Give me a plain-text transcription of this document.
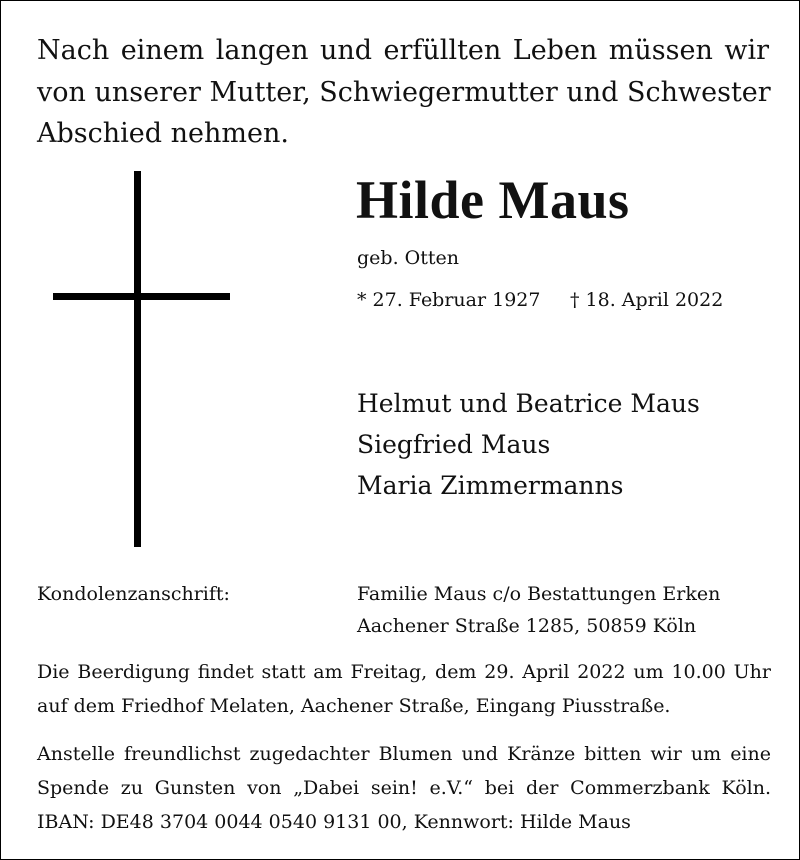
Nach einem langen und erfüllten Leben müssen wir
von unserer Mutter, Schwiegermutter und Schwester
Abschied nehmen.
Hilde Maus
geb. Otten
* 27. Februar 1927 † 18. April 2022
Helmut und Beatrice Maus
Siegfried Maus
Maria Zimmermanns
Kondolenzanschrift:	Familie Maus c/o Bestattungen Erken
Aachener Straße 1285, 50859 Köln
Die Beerdigung findet statt am Freitag, dem 29. April 2022 um 10.00 Uhr
auf dem Friedhof Melaten, Aachener Straße, Eingang Piusstraße.
Anstelle freundlichst zugedachter Blumen und Kränze bitten wir um eine
Spende zu Gunsten von „Dabei sein! e.V.“ bei der Commerzbank Köln.
IBAN: DE48 3704 0044 0540 9131 00, Kennwort: Hilde Maus
